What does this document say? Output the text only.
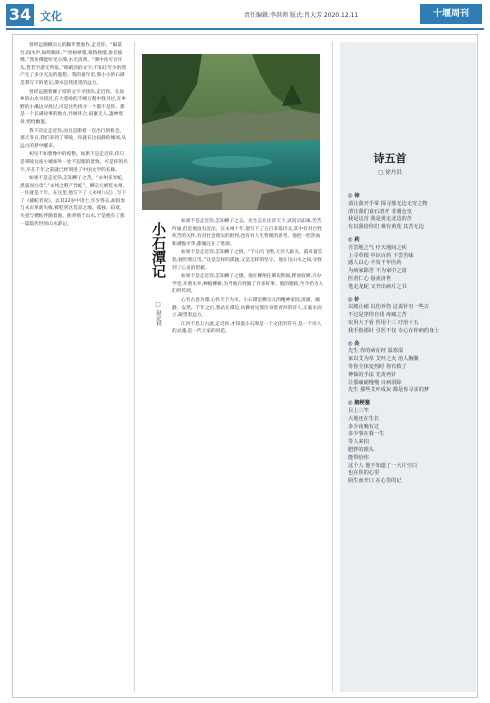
34 文化	责任编辑:李洪领 版式:肖大芳 2020.12.11	十堰周刊

曾经远随柳宗元的脚步想象作,走近你。“隔篁竹,闻水声,如鸣佩环。”“青树翠蔓,蒙络摇缀,参差披拂。”我仿佛能听见小潭,水尤清冽。“潭中鱼可百许头,皆若空游无所依。”那峭劲的文字,不知让年少的我产生了多少无边的遐想。我的童年里,那小小的石潭是我写下的笔记,潭水是我遥望的远方。

曾经远随着柳子厚的文字寻找你,走近你。在故乡的山水寻找过,在大巷岭的千峰万壑中找寻过,在乡野的小溪边寻找过,可是这些找寻一个都不是你。那是一个长满故事的地方,竹树环合,寂寥无人,凄神寒骨,悄怆幽邃。

我不决定走近你,而且是跟着一次出行的机会。那天冬日,我们来到了零陵。你就在这寂静的城郊,从远古的梦中醒来。

初见不如想像中的惊艳。如果不是走近你,你只是零陵这座小城郊外一处不起眼的景致。可是你的名字,早在千年之前就已经刻进了中国文学的长廊。

如果不是走近你,怎知柳子之苦。“永州多异蛇,黑质而白章”,“永州之野产异蛇”。柳宗元被贬永州,一住就是十年。在这里,他写下了《永州八记》,写下了《捕蛇者说》。以其22岁中进士,年少得志,却因参与永贞革新失败,被贬到这荒凉之地。孤独、寂寞、失意与惆怅伴随着他。他寄情于山水,于是便有了那一篇篇传世的山水游记。	小石潭记
□ 赵定权

如果不是走近你,怎知柳子之志。先生志在匡济天下,试问宗庙谏,苦苦吟诵,但是他没有沉沦。在永州十年,他写下了五百多篇诗文,其中有对百姓疾苦的关怀,有对社会现实的批判,也有对人生哲理的思考。他把一腔热血和满腹才华,都倾注在了笔端。

如果不是走近你,怎知柳子之情。“千山鸟飞绝,万径人踪灭。孤舟蓑笠翁,独钓寒江雪。”这是怎样的孤独,又是怎样的坚守。他在这山水之间,寻找到了心灵的慰藉。

如果不是走近你,怎知柳子之德。他在柳州任刺史期间,释放奴婢,兴办学堂,开凿水井,种植柳树,为当地百姓做了许多好事。他的德政,至今仍为人们所传颂。

心有古意为潭,心怀天下为水。小石潭是柳宗元的精神家园,清澈、幽静、安然。千年之后,我站在潭边,仿佛看见那位身着青衫的诗人,正临水而立,凝望着远方。

江河不息万古流,走近你,才知道小石潭是一个文化的符号,是一个诗人的灵魂,是一代大家的风范。

诗五首
□ 徐丹洪
◎ 徐
请让我开手掌 探寻那无边无穷之物
清让我们食石清开 非遇仓皇
我是这首 我是黄走北边的苦
有以我给你们 难有黄莲 其苦无边
◎ 药
吾尝地之气 疗天地间之疾
上寻草根 中识百药 下尝苦味
感人以心 不负千年医药
为病家除苦 不为家中之富
医者仁心 悬壶济世
笔走龙蛇 又开出病片之书
◎ 针
以细止痛 以伤养伤 这说针有一些古
不过是穿你自找 疼痛之苦
实用大于看 医用十三 疗治十五
我手指那针 引医不仅 专心在你病的身上
◎ 灸
先生 你的病在经 温寒湿
家以艾为草 艾叶之火 治人胸腹
等你全体变热时 你有救了
神仙的手法 先灸再针
让那痛痛慢慢 百病消除
先生 那些艾叶成灰 都是你寻求的梦
◎ 脑梗塞
目上三竿
大地还在生长
多少夜晚有过
多少事在我一生
等人来拍
肥胖的眼头
能带给你
这个人 他不知道了一大片空白
也在你的心里
陌生而开口 在心里的记
